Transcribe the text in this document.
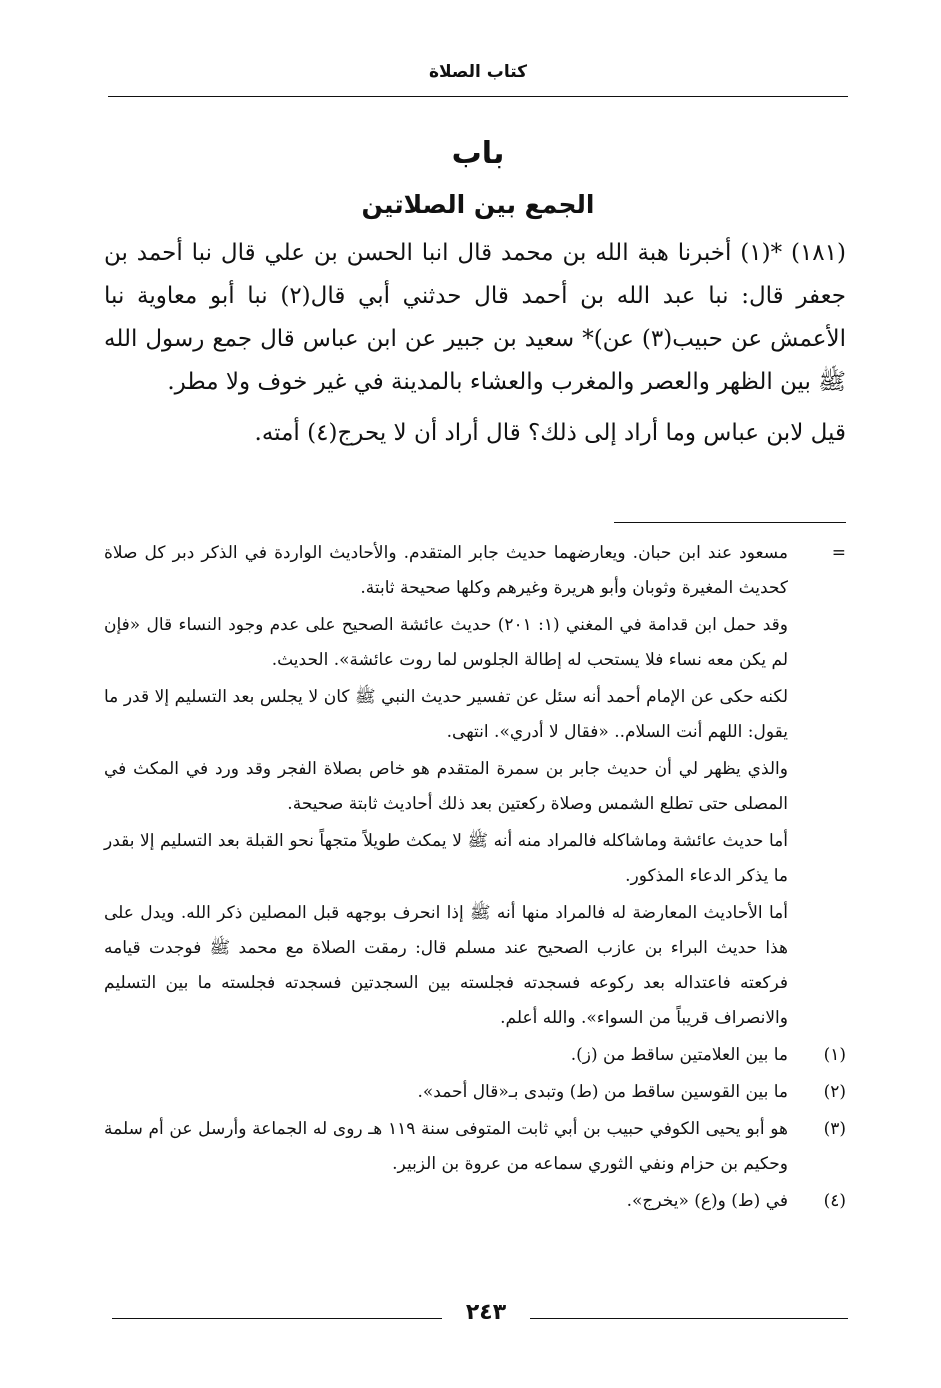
كتاب الصلاة
باب
الجمع بين الصلاتين

(١٨١) *(١) أخبرنا هبة الله بن محمد قال انبا الحسن بن علي قال نبا أحمد بن جعفر قال: نبا عبد الله بن أحمد قال حدثني أبي قال(٢) نبا أبو معاوية نبا الأعمش عن حبيب(٣) عن)* سعيد بن جبير عن ابن عباس قال جمع رسول الله ﷺ بين الظهر والعصر والمغرب والعشاء بالمدينة في غير خوف ولا مطر.

قيل لابن عباس وما أراد إلى ذلك؟ قال أراد أن لا يحرج(٤) أمته.

=

مسعود عند ابن حبان. ويعارضهما حديث جابر المتقدم. والأحاديث الواردة في الذكر دبر كل صلاة كحديث المغيرة وثوبان وأبو هريرة وغيرهم وكلها صحيحة ثابتة.

وقد حمل ابن قدامة في المغني (١: ٢٠١) حديث عائشة الصحيح على عدم وجود النساء قال «فإن لم يكن معه نساء فلا يستحب له إطالة الجلوس لما روت عائشة». الحديث.

لكنه حكى عن الإمام أحمد أنه سئل عن تفسير حديث النبي ﷺ كان لا يجلس بعد التسليم إلا قدر ما يقول: اللهم أنت السلام.. «فقال لا أدري». انتهى.

والذي يظهر لي أن حديث جابر بن سمرة المتقدم هو خاص بصلاة الفجر وقد ورد في المكث في المصلى حتى تطلع الشمس وصلاة ركعتين بعد ذلك أحاديث ثابتة صحيحة.

أما حديث عائشة وماشاكله فالمراد منه أنه ﷺ لا يمكث طويلاً متجهاً نحو القبلة بعد التسليم إلا بقدر ما يذكر الدعاء المذكور.

أما الأحاديث المعارضة له فالمراد منها أنه ﷺ إذا انحرف بوجهه قبل المصلين ذكر الله. ويدل على هذا حديث البراء بن عازب الصحيح عند مسلم قال: رمقت الصلاة مع محمد ﷺ فوجدت قيامه فركعته فاعتداله بعد ركوعه فسجدته فجلسته بين السجدتين فسجدته فجلسته ما بين التسليم والانصراف قريباً من السواء». والله أعلم.

(١)
ما بين العلامتين ساقط من (ز).
(٢)
ما بين القوسين ساقط من (ط) وتبدى بـ«قال أحمد».
(٣)
هو أبو يحيى الكوفي حبيب بن أبي ثابت المتوفى سنة ١١٩ هـ روى له الجماعة وأرسل عن أم سلمة وحكيم بن حزام ونفي الثوري سماعه من عروة بن الزبير.
(٤)
في (ط) و(ع) «يخرج».
٢٤٣
